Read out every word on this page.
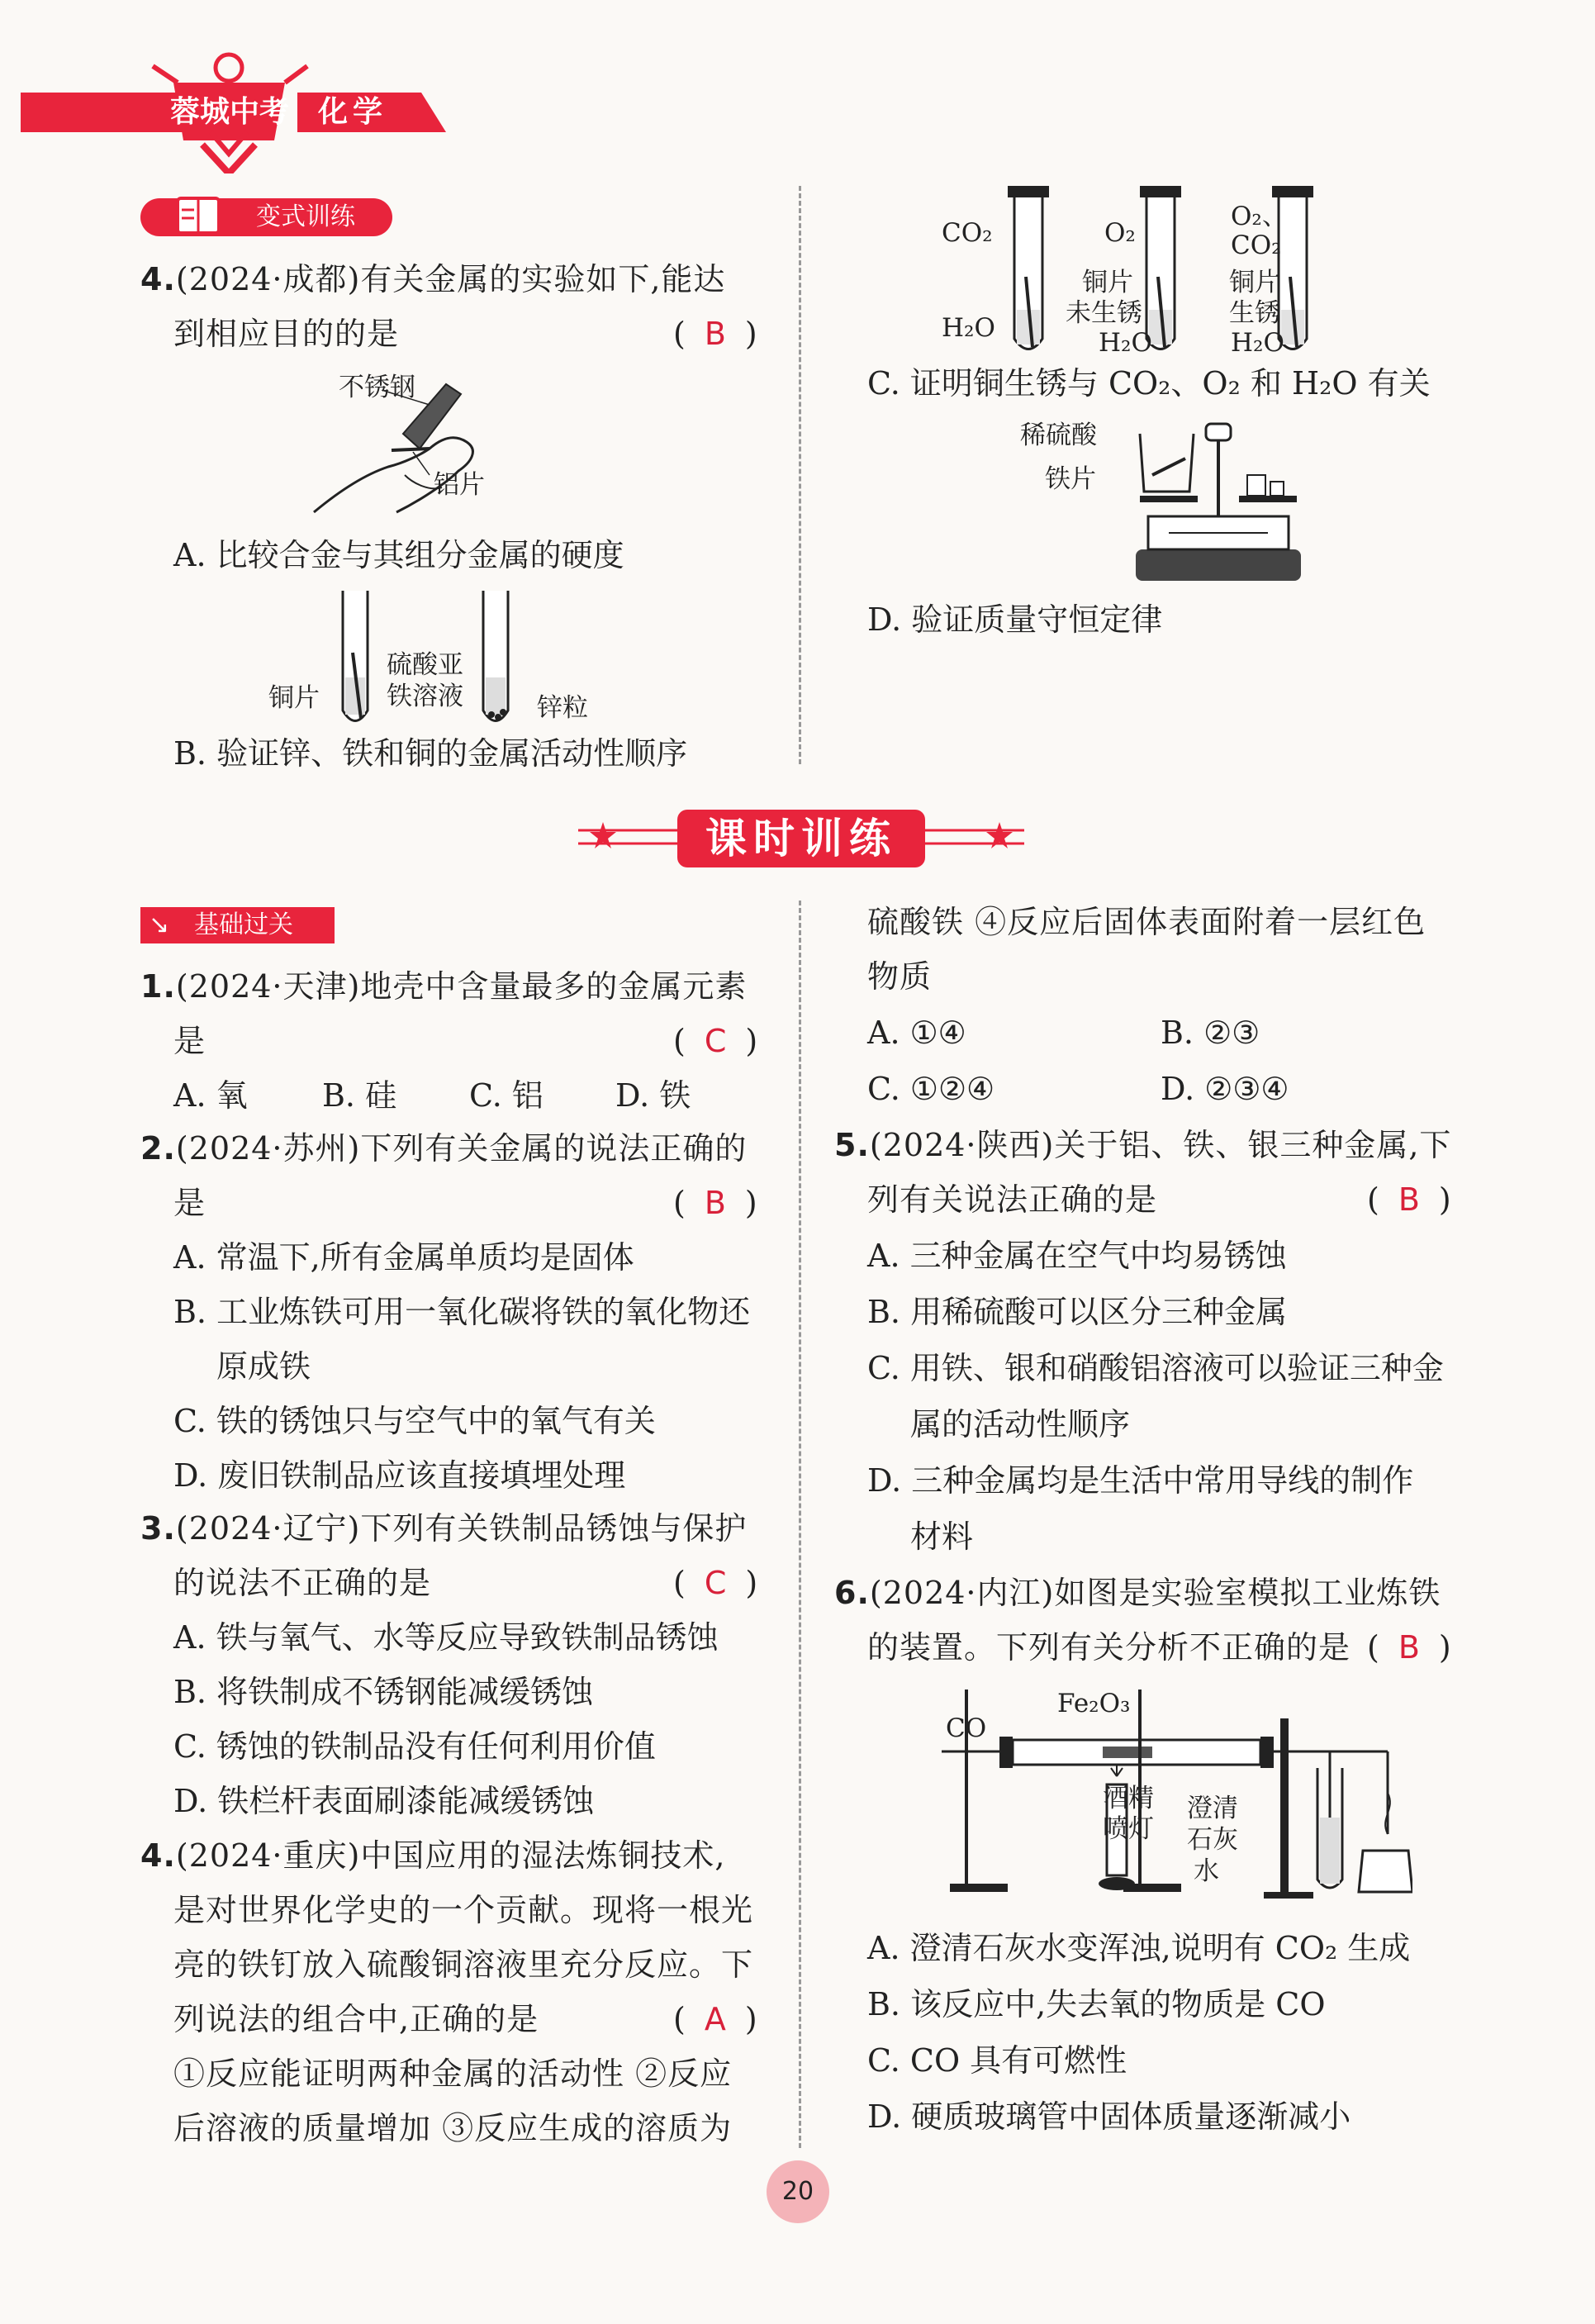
蓉城中考 化学
变式训练
4.(2024·成都)有关金属的实验如下,能达
到相应目的的是	( B )
不锈钢
铝片
A. 比较合金与其组分金属的硬度
铜片
硫酸亚
铁溶液	锌粒
B. 验证锌、铁和铜的金属活动性顺序
CO₂	O₂
O₂、
CO₂
铜片
未生锈
铜片
生锈
H₂O	H₂O	H₂O
C. 证明铜生锈与 CO₂、O₂ 和 H₂O 有关
稀硫酸
铁片
D. 验证质量守恒定律
课时训练
↘ 基础过关
1.(2024·天津)地壳中含量最多的金属元素
是	( C )
A. 氧 B. 硅 C. 铝 D. 铁
2.(2024·苏州)下列有关金属的说法正确的
是	( B )
A. 常温下,所有金属单质均是固体
B. 工业炼铁可用一氧化碳将铁的氧化物还
原成铁
C. 铁的锈蚀只与空气中的氧气有关
D. 废旧铁制品应该直接填埋处理
3.(2024·辽宁)下列有关铁制品锈蚀与保护
的说法不正确的是	( C )
A. 铁与氧气、水等反应导致铁制品锈蚀
B. 将铁制成不锈钢能减缓锈蚀
C. 锈蚀的铁制品没有任何利用价值
D. 铁栏杆表面刷漆能减缓锈蚀
4.(2024·重庆)中国应用的湿法炼铜技术,
是对世界化学史的一个贡献。现将一根光
亮的铁钉放入硫酸铜溶液里充分反应。下
列说法的组合中,正确的是	( A )
①反应能证明两种金属的活动性 ②反应
后溶液的质量增加 ③反应生成的溶质为
硫酸铁 ④反应后固体表面附着一层红色
物质
A. ①④	B. ②③
C. ①②④	D. ②③④
5.(2024·陕西)关于铝、铁、银三种金属,下
列有关说法正确的是	( B )
A. 三种金属在空气中均易锈蚀
B. 用稀硫酸可以区分三种金属
C. 用铁、银和硝酸铝溶液可以验证三种金
属的活动性顺序
D. 三种金属均是生活中常用导线的制作
材料
6.(2024·内江)如图是实验室模拟工业炼铁
的装置。下列有关分析不正确的是 ( B )
CO
Fe₂O₃
酒精
喷灯
澄清
石灰
水
A. 澄清石灰水变浑浊,说明有 CO₂ 生成
B. 该反应中,失去氧的物质是 CO
C. CO 具有可燃性
D. 硬质玻璃管中固体质量逐渐减小
20
